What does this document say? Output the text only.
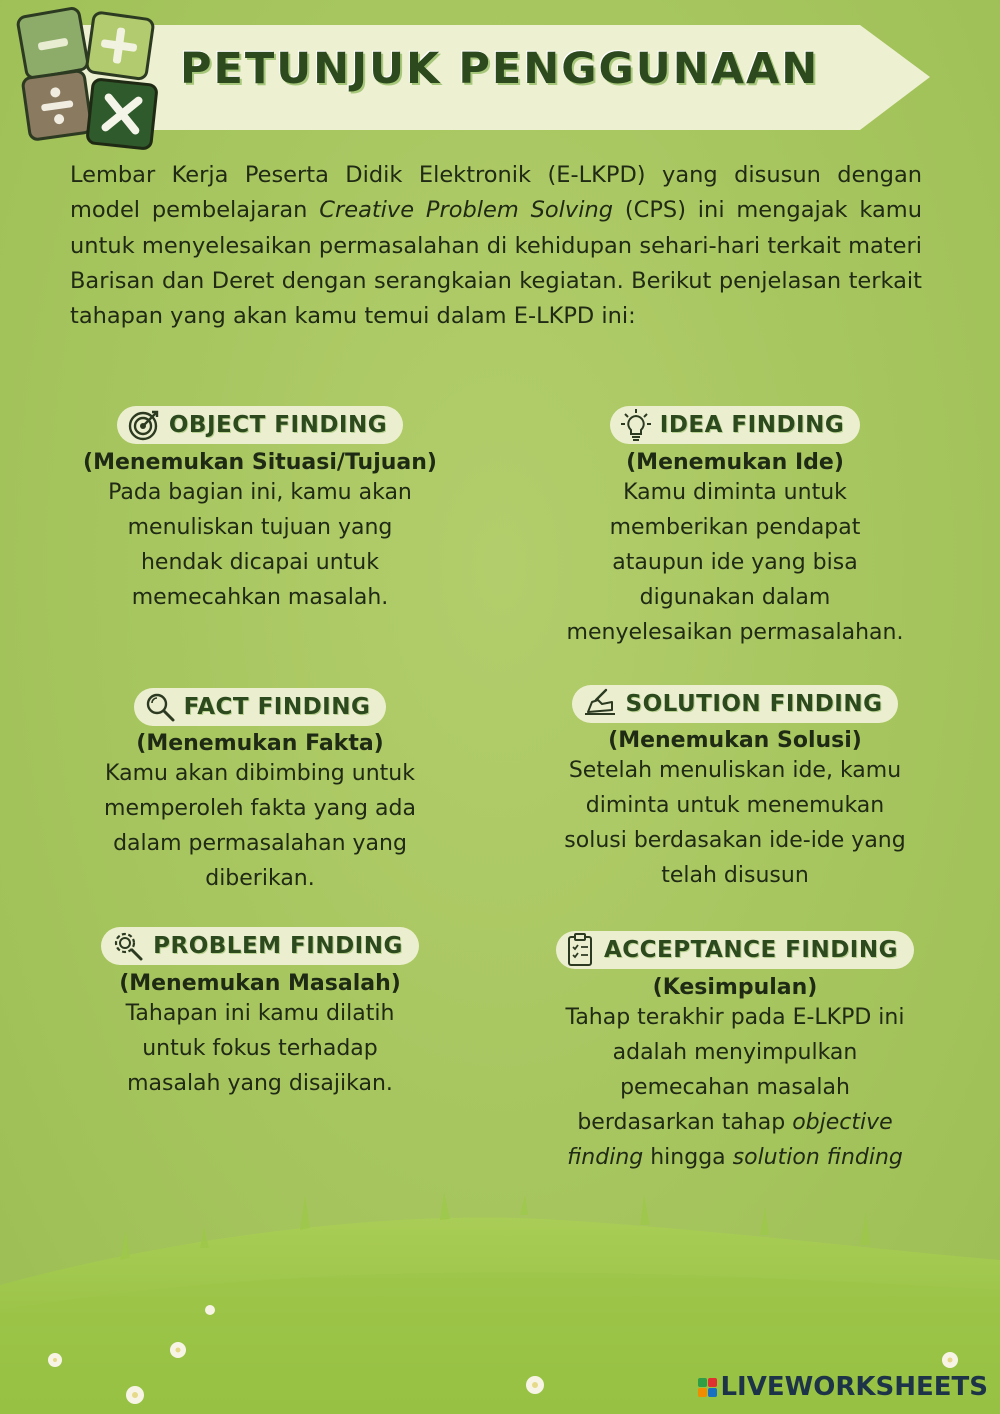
PETUNJUK PENGGUNAAN

Lembar Kerja Peserta Didik Elektronik (E-LKPD) yang disusun dengan model pembelajaran Creative Problem Solving (CPS) ini mengajak kamu untuk menyelesaikan permasalahan di kehidupan sehari-hari terkait materi Barisan dan Deret dengan serangkaian kegiatan. Berikut penjelasan terkait tahapan yang akan kamu temui dalam E-LKPD ini:

OBJECT FINDING
(Menemukan Situasi/Tujuan)

Pada bagian ini, kamu akan
menuliskan tujuan yang
hendak dicapai untuk
memecahkan masalah.

IDEA FINDING
(Menemukan Ide)

Kamu diminta untuk
memberikan pendapat
ataupun ide yang bisa
digunakan dalam
menyelesaikan permasalahan.

FACT FINDING
(Menemukan Fakta)

Kamu akan dibimbing untuk
memperoleh fakta yang ada
dalam permasalahan yang
diberikan.

SOLUTION FINDING
(Menemukan Solusi)

Setelah menuliskan ide, kamu
diminta untuk menemukan
solusi berdasakan ide-ide yang
telah disusun

PROBLEM FINDING
(Menemukan Masalah)

Tahapan ini kamu dilatih
untuk fokus terhadap
masalah yang disajikan.

ACCEPTANCE FINDING
(Kesimpulan)

Tahap terakhir pada E-LKPD ini
adalah menyimpulkan
pemecahan masalah
berdasarkan tahap objective
finding hingga solution finding

LIVEWORKSHEETS
